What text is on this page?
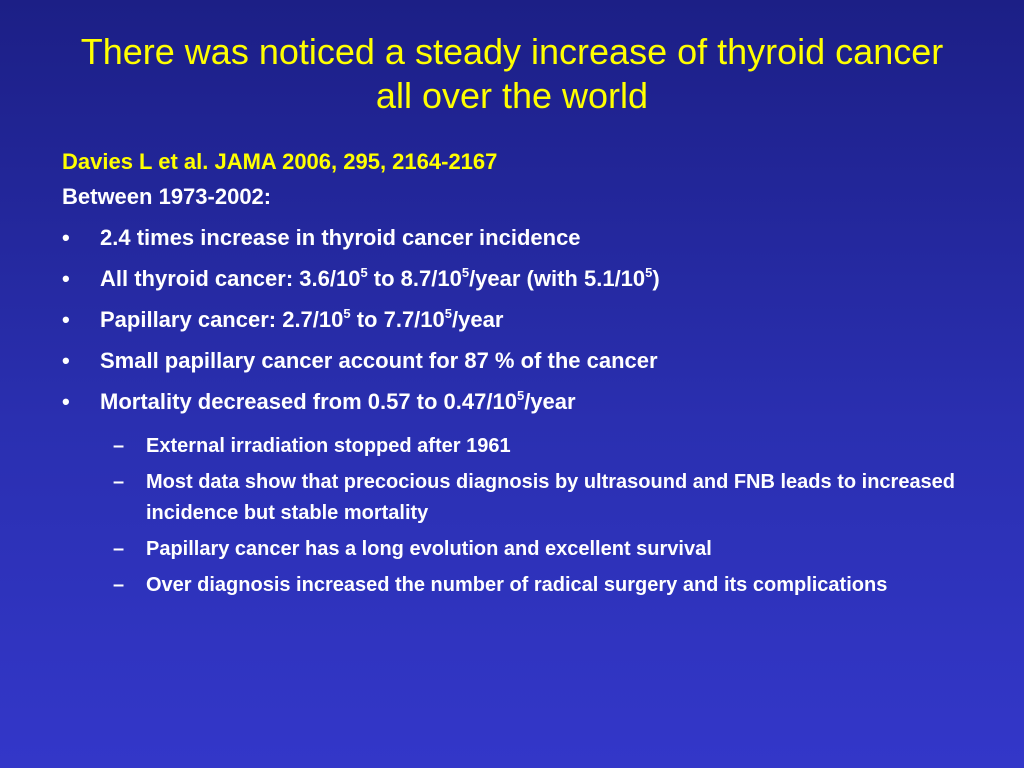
There was noticed a steady increase of thyroid cancer all over the world
Davies L et al. JAMA 2006, 295, 2164-2167
Between 1973-2002:
• 2.4 times increase in thyroid cancer incidence
• All thyroid cancer: $3.6/10^5$ to $8.7/10^5$/year (with $5.1/10^5$)
• Papillary cancer: $2.7/10^5$ to $7.7/10^5$/year
• Small papillary cancer account for 87 % of the cancer
• Mortality decreased from 0.57 to $0.47/10^5$/year
– External irradiation stopped after 1961
– Most data show that precocious diagnosis by ultrasound and FNB leads to increased incidence but stable mortality
– Papillary cancer has a long evolution and excellent survival
– Over diagnosis increased the number of radical surgery and its complications
